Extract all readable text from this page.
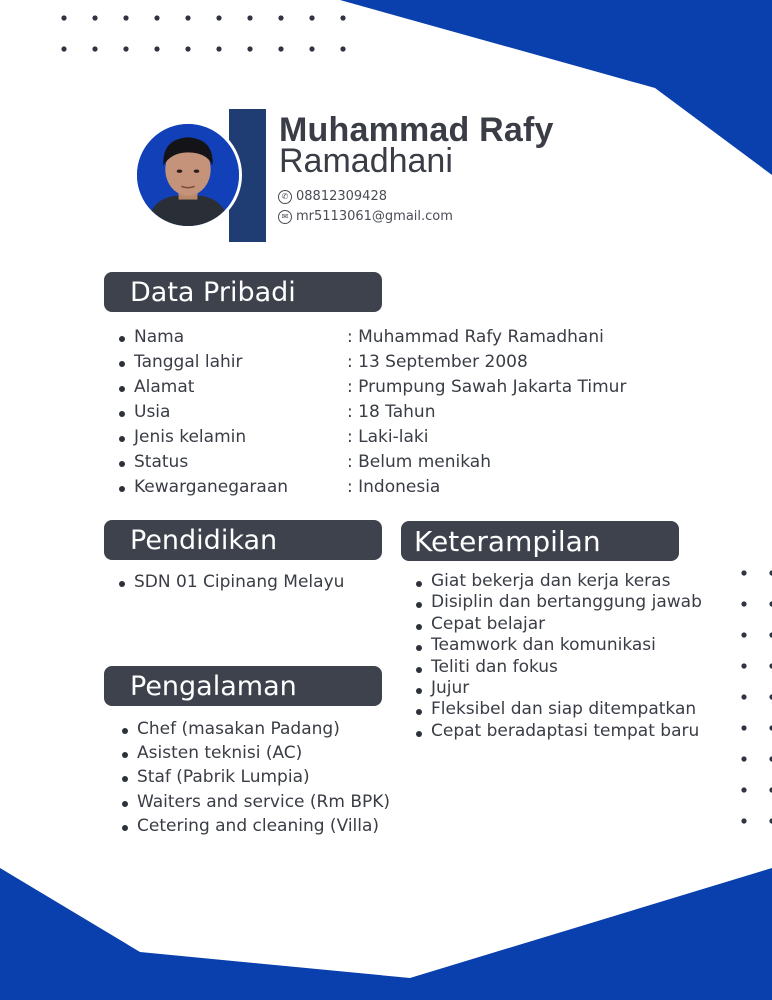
Muhammad Rafy
Ramadhani
✆ 08812309428
✉ mr5113061@gmail.com
Data Pribadi
Nama	: Muhammad Rafy Ramadhani
Tanggal lahir	: 13 September 2008
Alamat	: Prumpung Sawah Jakarta Timur
Usia	: 18 Tahun
Jenis kelamin	: Laki-laki
Status	: Belum menikah
Kewarganegaraan	: Indonesia
Pendidikan
SDN 01 Cipinang Melayu
Keterampilan
Giat bekerja dan kerja keras
Disiplin dan bertanggung jawab
Cepat belajar
Teamwork dan komunikasi
Teliti dan fokus
Jujur
Fleksibel dan siap ditempatkan
Cepat beradaptasi tempat baru
Pengalaman
Chef (masakan Padang)
Asisten teknisi (AC)
Staf (Pabrik Lumpia)
Waiters and service (Rm BPK)
Cetering and cleaning (Villa)
